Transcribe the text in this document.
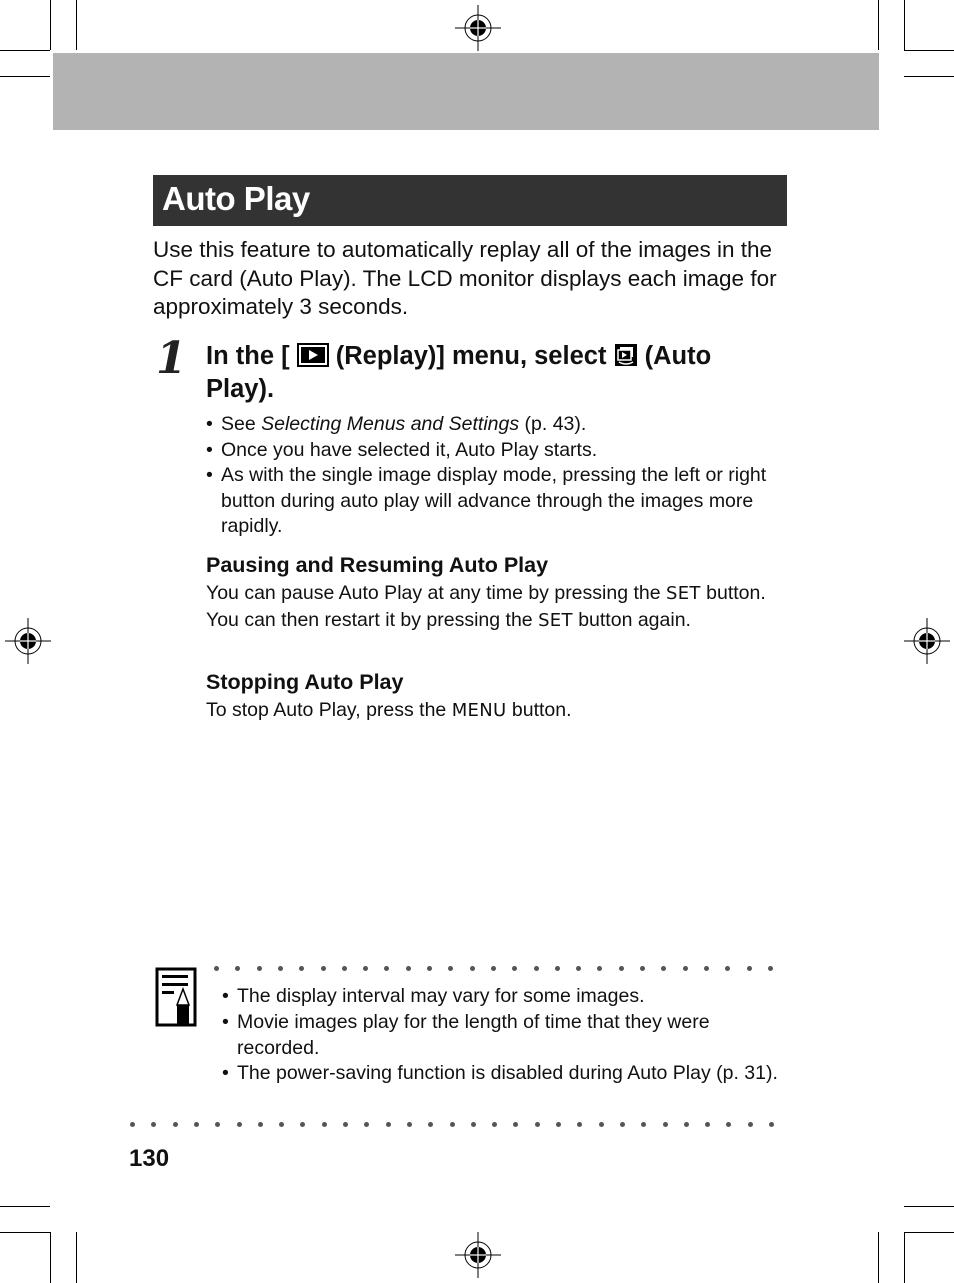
Auto Play
Use this feature to automatically replay all of the images in the CF card (Auto Play). The LCD monitor displays each image for approximately 3 seconds.
1 In the [ (Replay)] menu, select (Auto Play).
• See Selecting Menus and Settings (p. 43).
• Once you have selected it, Auto Play starts.
• As with the single image display mode, pressing the left or right button during auto play will advance through the images more rapidly.
Pausing and Resuming Auto Play
You can pause Auto Play at any time by pressing the SET button. You can then restart it by pressing the SET button again.
Stopping Auto Play
To stop Auto Play, press the MENU button.
• The display interval may vary for some images.
• Movie images play for the length of time that they were recorded.
• The power-saving function is disabled during Auto Play (p. 31).
130
